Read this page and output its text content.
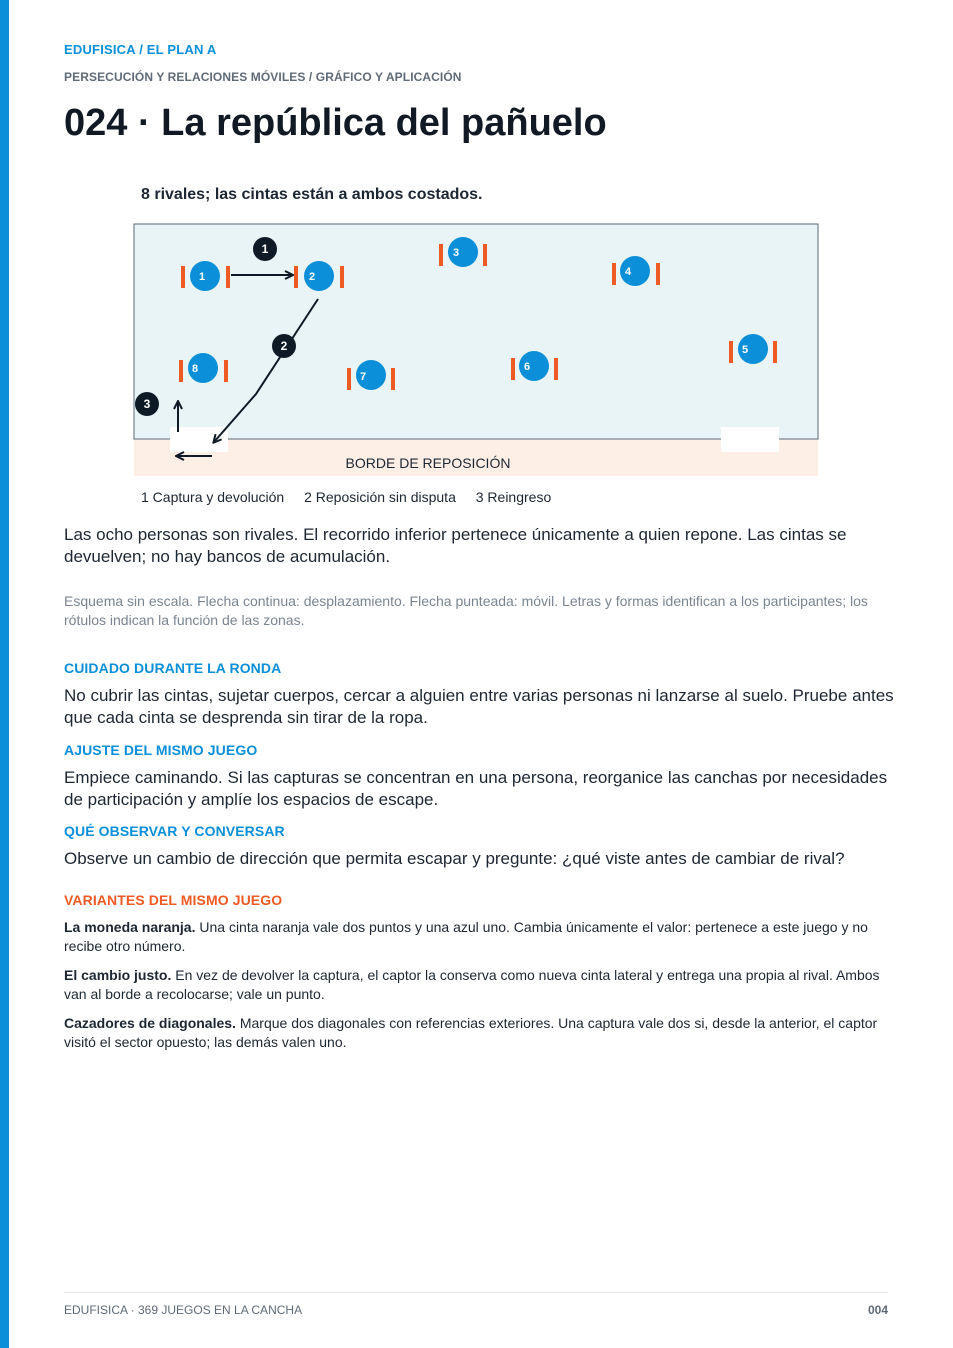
EDUFISICA / EL PLAN A
PERSECUCIÓN Y RELACIONES MÓVILES / GRÁFICO Y APLICACIÓN
024 · La república del pañuelo
8 rivales; las cintas están a ambos costados.
BORDE DE REPOSICIÓN
1	2
3
4
5
6
7
8
1
2
3
1 Captura y devolución 2 Reposición sin disputa 3 Reingreso

Las ocho personas son rivales. El recorrido inferior pertenece únicamente a quien repone. Las cintas se devuelven; no hay bancos de acumulación.

Esquema sin escala. Flecha continua: desplazamiento. Flecha punteada: móvil. Letras y formas identifican a los participantes; los rótulos indican la función de las zonas.

CUIDADO DURANTE LA RONDA

No cubrir las cintas, sujetar cuerpos, cercar a alguien entre varias personas ni lanzarse al suelo. Pruebe antes que cada cinta se desprenda sin tirar de la ropa.

AJUSTE DEL MISMO JUEGO

Empiece caminando. Si las capturas se concentran en una persona, reorganice las canchas por necesidades de participación y amplíe los espacios de escape.

QUÉ OBSERVAR Y CONVERSAR

Observe un cambio de dirección que permita escapar y pregunte: ¿qué viste antes de cambiar de rival?

VARIANTES DEL MISMO JUEGO

La moneda naranja. Una cinta naranja vale dos puntos y una azul uno. Cambia únicamente el valor: pertenece a este juego y no recibe otro número.

El cambio justo. En vez de devolver la captura, el captor la conserva como nueva cinta lateral y entrega una propia al rival. Ambos van al borde a recolocarse; vale un punto.

Cazadores de diagonales. Marque dos diagonales con referencias exteriores. Una captura vale dos si, desde la anterior, el captor visitó el sector opuesto; las demás valen uno.

EDUFISICA · 369 JUEGOS EN LA CANCHA	004
